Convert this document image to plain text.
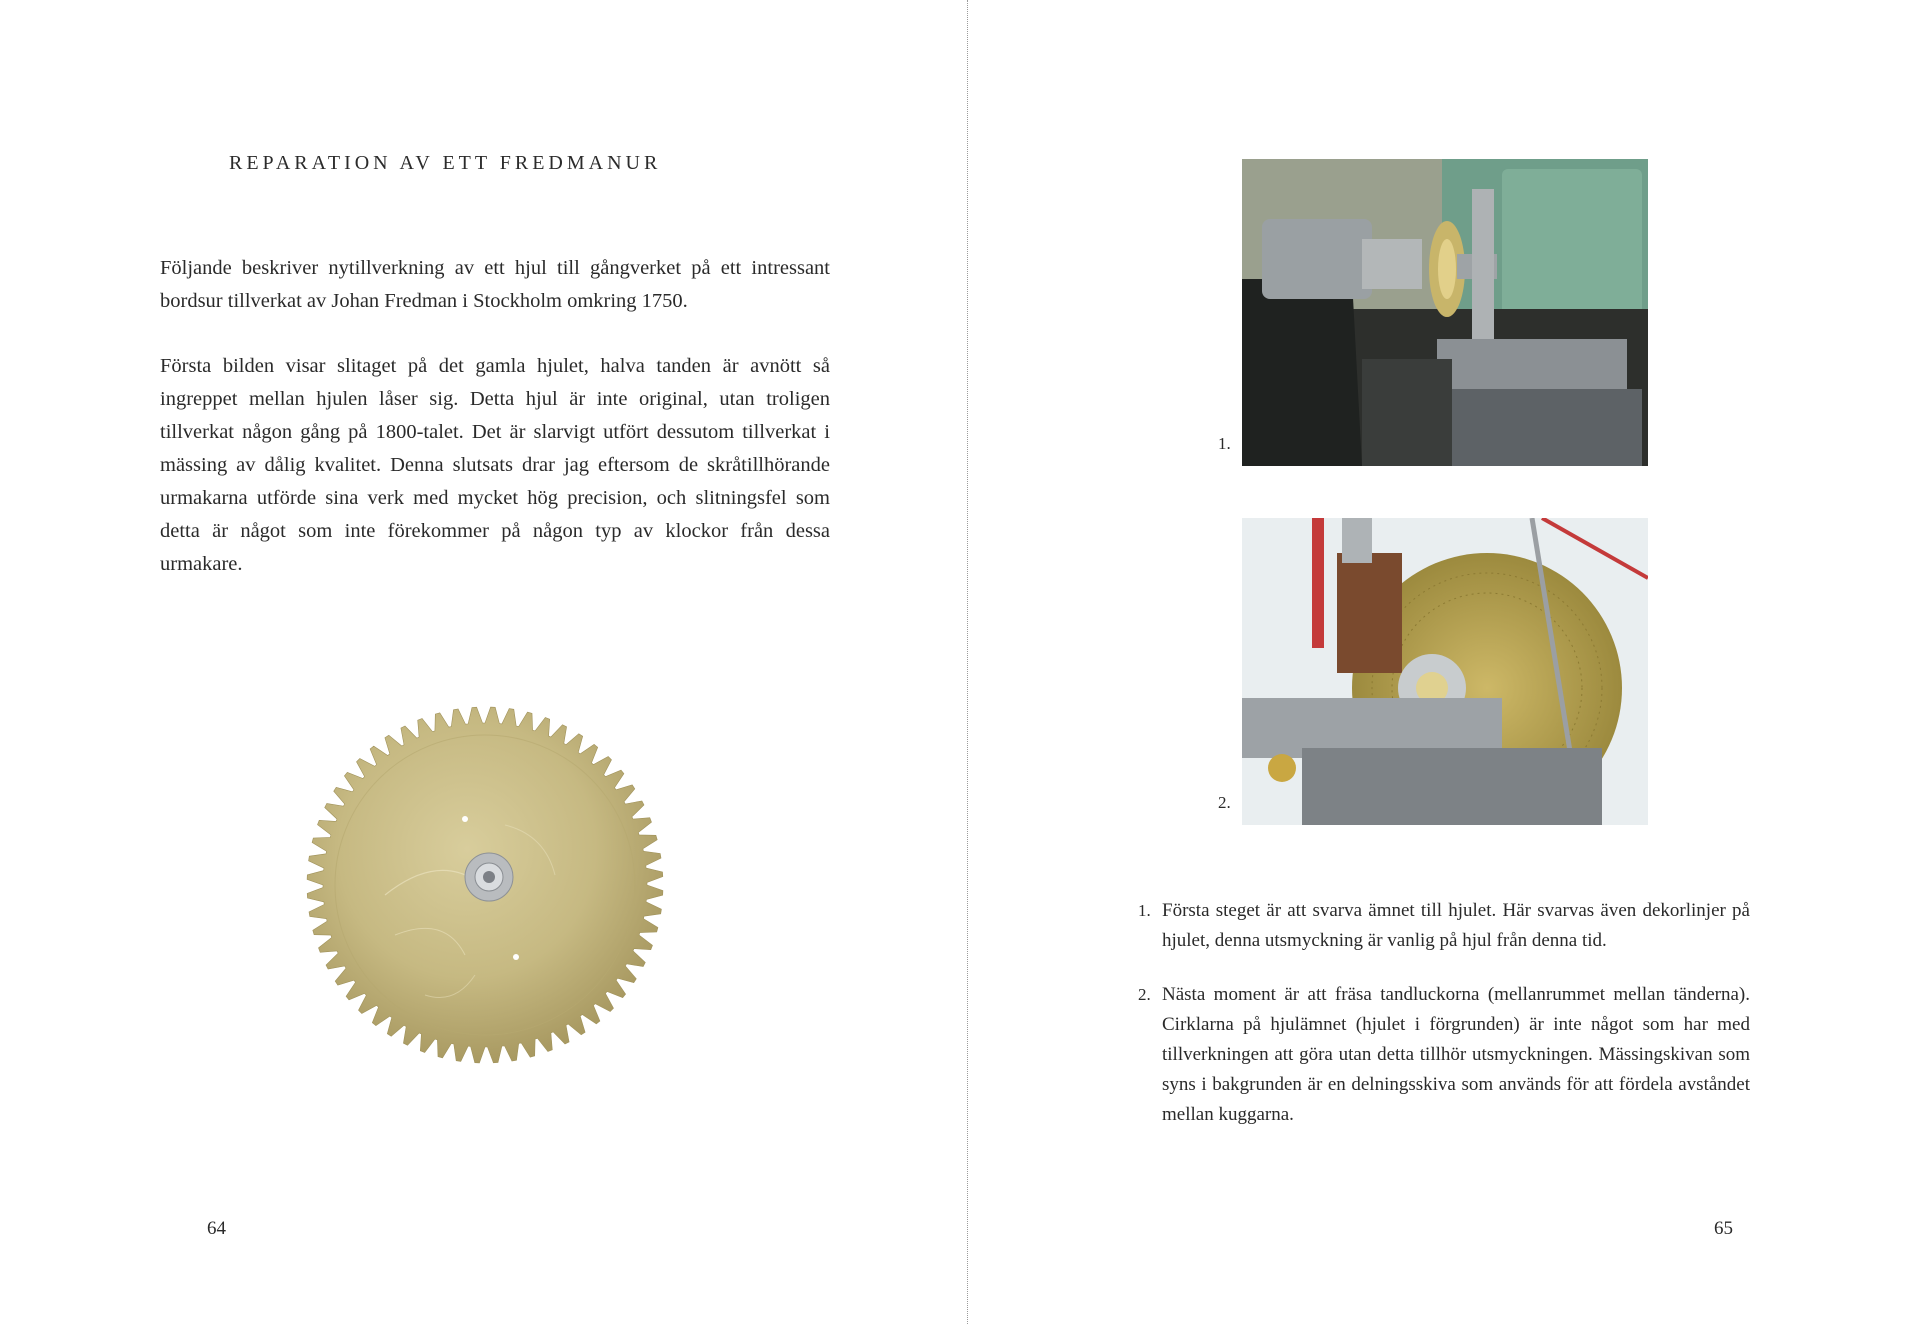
REPARATION AV ETT FREDMANUR

Följande beskriver nytillverkning av ett hjul till gångverket på ett intressant bordsur tillverkat av Johan Fredman i Stockholm omkring 1750.

Första bilden visar slitaget på det gamla hjulet, halva tanden är avnött så ingreppet mellan hjulen låser sig. Detta hjul är inte original, utan troligen tillverkat någon gång på 1800-talet. Det är slarvigt utfört dessutom tillverkat i mässing av dålig kvalitet. Denna slutsats drar jag eftersom de skråtillhörande urmakarna utförde sina verk med mycket hög precision, och slitningsfel som detta är något som inte förekommer på någon typ av klockor från dessa urmakare.

64
1.
2.

1. Första steget är att svarva ämnet till hjulet. Här svarvas även dekorlinjer på hjulet, denna utsmyckning är vanlig på hjul från denna tid.

2. Nästa moment är att fräsa tandluckorna (mellanrummet mellan tänderna). Cirklarna på hjulämnet (hjulet i förgrunden) är inte något som har med tillverkningen att göra utan detta tillhör utsmyckningen. Mässingskivan som syns i bakgrunden är en delningsskiva som används för att fördela avståndet mellan kuggarna.

65
